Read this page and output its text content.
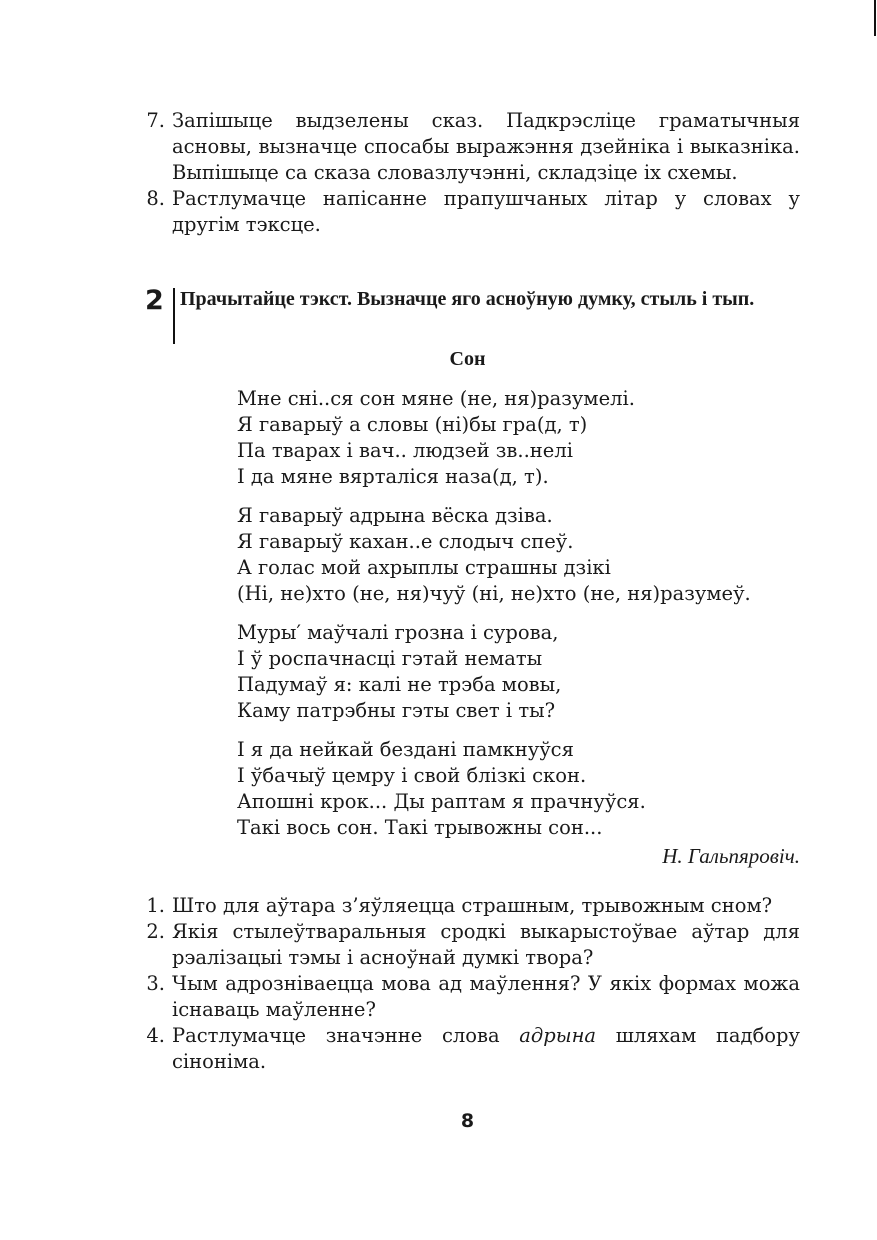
7. Запішыце выдзелены сказ. Падкрэсліце граматычныя асновы, вызначце спосабы выражэння дзейніка і выказніка. Выпішыце са сказа словазлучэнні, складзіце іх схемы.
8. Растлумачце напісанне прапушчаных літар у словах у другім тэксце.
2 Прачытайце тэкст. Вызначце яго асноўную думку, стыль і тып.
Сон
Мне сні..ся сон мяне (не, ня)разумелі.
Я гаварыў а словы (ні)бы гра(д, т)
Па тварах і вач.. людзей зв..нелі
І да мяне вярталіся наза(д, т).
Я гаварыў адрына вёска дзіва.
Я гаварыў кахан..е слодыч спеў.
А голас мой ахрыплы страшны дзікі
(Ні, не)хто (не, ня)чуў (ні, не)хто (не, ня)разумеў.
Муры′ маўчалі грозна і сурова,
І ў роспачнасці гэтай нематы
Падумаў я: калі не трэба мовы,
Каму патрэбны гэты свет і ты?
І я да нейкай бездані памкнуўся
І ўбачыў цемру і свой блізкі скон.
Апошні крок... Ды раптам я прачнуўся.
Такі вось сон. Такі трывожны сон...
Н. Гальпяровіч.
1. Што для аўтара з’яўляецца страшным, трывожным сном?
2. Якія стылеўтваральныя сродкі выкарыстоўвае аўтар для рэалізацыі тэмы і асноўнай думкі твора?
3. Чым адрозніваецца мова ад маўлення? У якіх формах можа існаваць маўленне?
4. Растлумачце значэнне слова адрына шляхам падбору сіноніма.
8
